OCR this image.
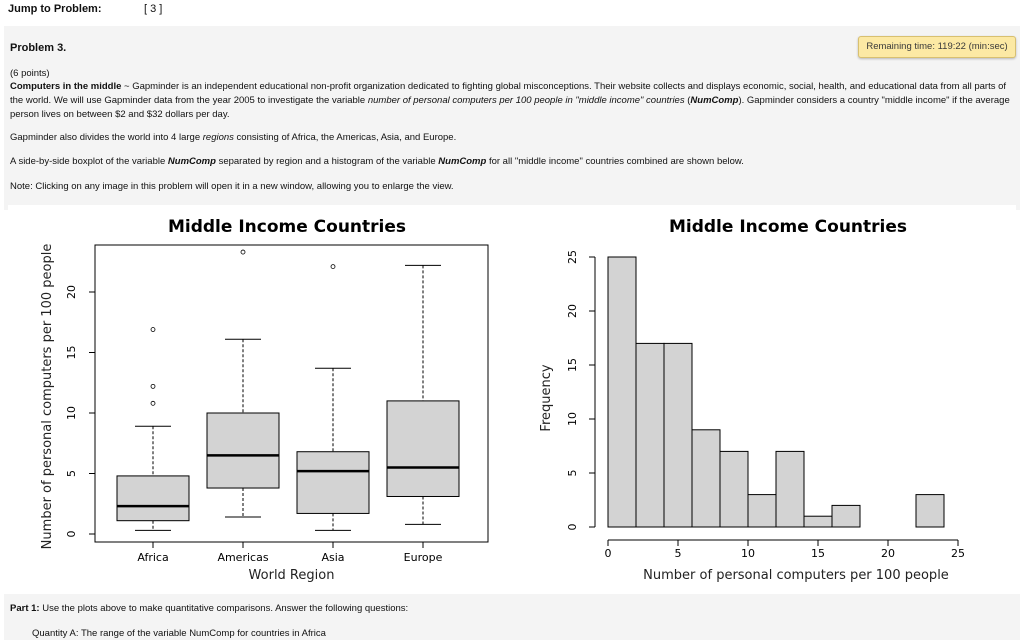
Jump to Problem:	[ 3 ]
Problem 3.	Remaining time: 119:22 (min:sec)
(6 points)
Computers in the middle ~ Gapminder is an independent educational non-profit organization dedicated to fighting global misconceptions. Their website collects and displays economic, social, health, and educational data from all parts of the world. We will use Gapminder data from the year 2005 to investigate the variable number of personal computers per 100 people in "middle income" countries (NumComp). Gapminder considers a country "middle income" if the average person lives on between $2 and $32 dollars per day.
Gapminder also divides the world into 4 large regions consisting of Africa, the Americas, Asia, and Europe.
A side-by-side boxplot of the variable NumComp separated by region and a histogram of the variable NumComp for all "middle income" countries combined are shown below.
Note: Clicking on any image in this problem will open it in a new window, allowing you to enlarge the view.
Middle Income Countries
0
5
10
15
20
Number of personal computers per 100 people
Africa	Americas	Asia	Europe
World Region
Middle Income Countries
0	5	10	15	20	25
Number of personal computers per 100 people
0
5
10
15
20
25
Frequency
Part 1: Use the plots above to make quantitative comparisons. Answer the following questions:
Quantity A: The range of the variable NumComp for countries in Africa
